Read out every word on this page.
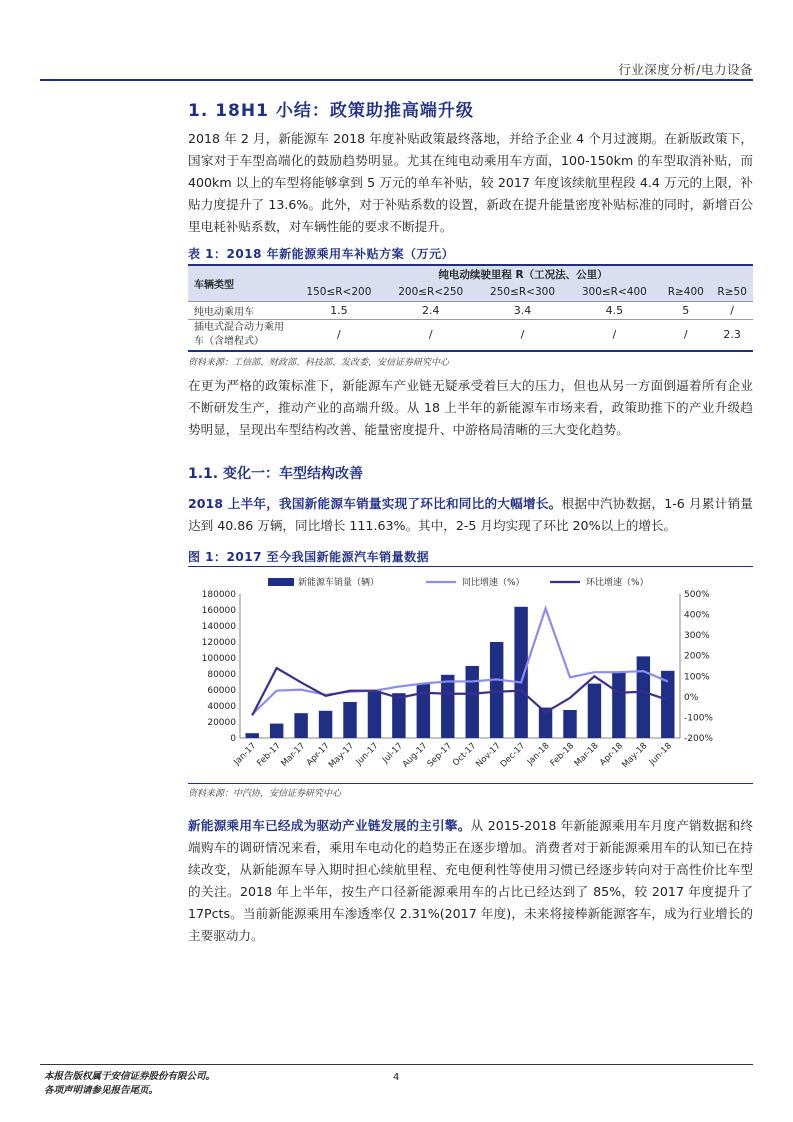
行业深度分析/电力设备
1. 18H1 小结：政策助推高端升级
2018 年 2 月，新能源车 2018 年度补贴政策最终落地，并给予企业 4 个月过渡期。在新版政策下，国家对于车型高端化的鼓励趋势明显。尤其在纯电动乘用车方面，100-150km 的车型取消补贴，而 400km 以上的车型将能够拿到 5 万元的单车补贴，较 2017 年度该续航里程段 4.4 万元的上限，补贴力度提升了 13.6%。此外，对于补贴系数的设置，新政在提升能量密度补贴标准的同时，新增百公里电耗补贴系数，对车辆性能的要求不断提升。
表 1：2018 年新能源乘用车补贴方案（万元）
车辆类型	纯电动续驶里程 R（工况法、公里）					
	150≤R<200	200≤R<250	250≤R<300	300≤R<400	R≥400	R≥50
纯电动乘用车	1.5	2.4	3.4	4.5	5	/
插电式混合动力乘用车（含增程式）	/	/	/	/	/	2.3
资料来源：工信部、财政部、科技部、发改委，安信证券研究中心
在更为严格的政策标准下，新能源车产业链无疑承受着巨大的压力，但也从另一方面倒逼着所有企业不断研发生产，推动产业的高端升级。从 18 上半年的新能源车市场来看，政策助推下的产业升级趋势明显，呈现出车型结构改善、能量密度提升、中游格局清晰的三大变化趋势。
1.1. 变化一：车型结构改善
2018 上半年，我国新能源车销量实现了环比和同比的大幅增长。根据中汽协数据，1-6 月累计销量达到 40.86 万辆，同比增长 111.63%。其中，2-5 月均实现了环比 20%以上的增长。
图 1：2017 至今我国新能源汽车销量数据
0
20000
40000
60000
80000
100000
120000
140000
160000
180000
-200%
-100%
0%
100%
200%
300%
400%
500%
Jan-17
Feb-17
Mar-17
Apr-17
May-17
Jun-17 Jul-17
Aug-17
Sep-17
Oct-17
Nov-17
Dec-17
Jan-18
Feb-18
Mar-18
Apr-18
May-18
Jun-18
新能源车销量（辆）	同比增速（%）	环比增速（%）
资料来源：中汽协，安信证券研究中心
新能源乘用车已经成为驱动产业链发展的主引擎。从 2015-2018 年新能源乘用车月度产销数据和终端购车的调研情况来看，乘用车电动化的趋势正在逐步增加。消费者对于新能源乘用车的认知已在持续改变，从新能源车导入期时担心续航里程、充电便利性等使用习惯已经逐步转向对于高性价比车型的关注。2018 年上半年，按生产口径新能源乘用车的占比已经达到了 85%，较 2017 年度提升了 17Pcts。当前新能源乘用车渗透率仅 2.31%(2017 年度)，未来将接棒新能源客车，成为行业增长的主要驱动力。
本报告版权属于安信证券股份有限公司。
各项声明请参见报告尾页。
4
